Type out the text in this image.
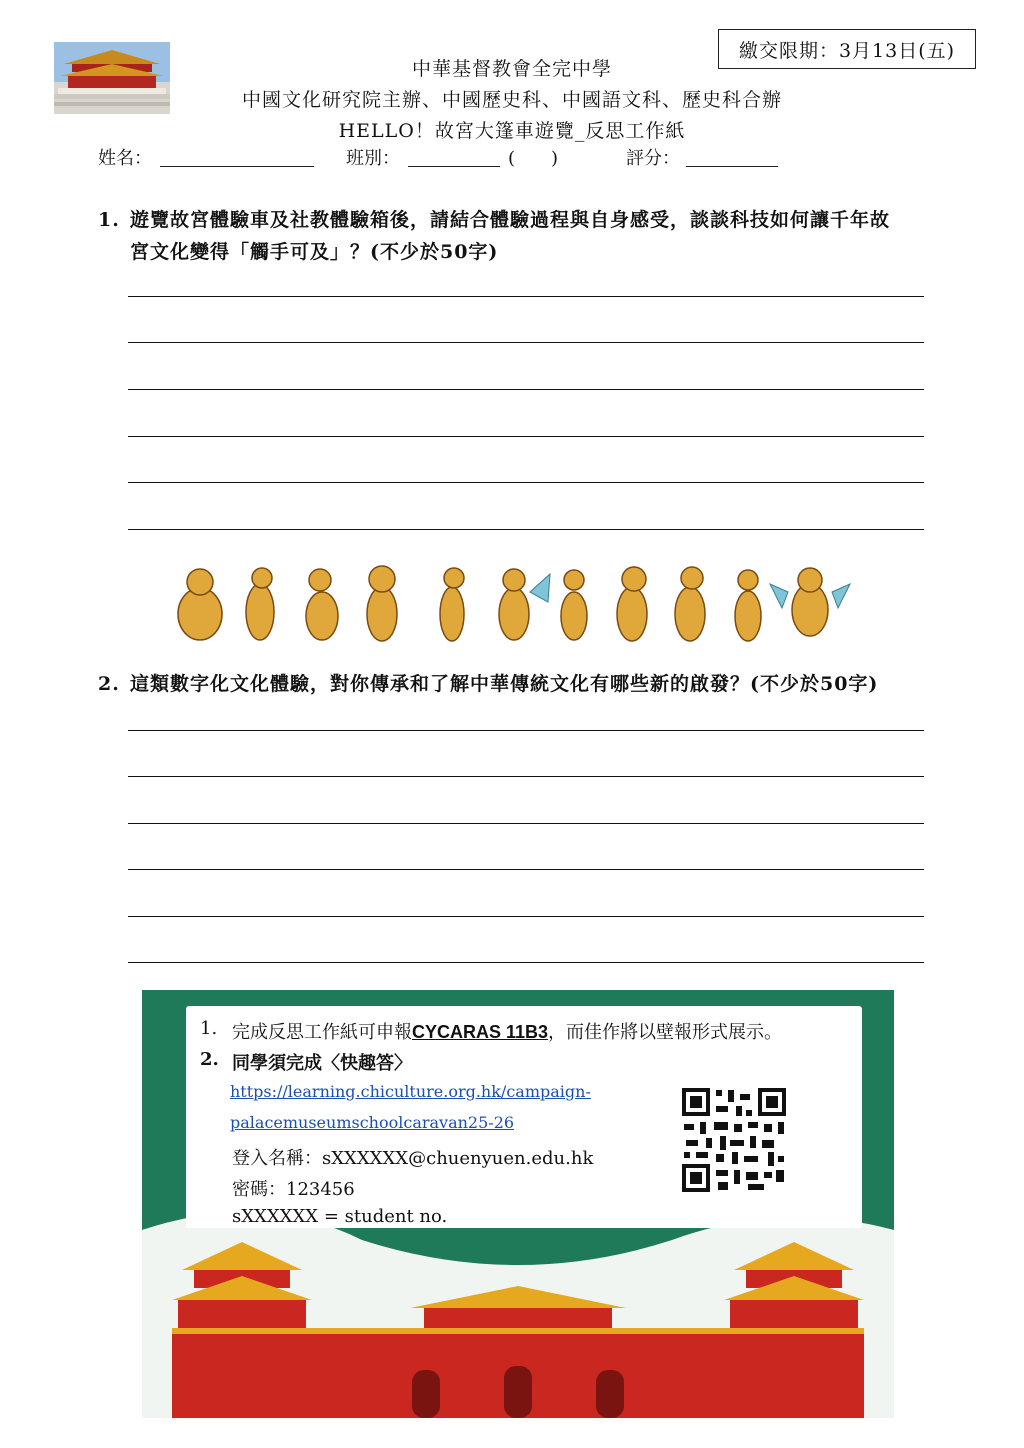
繳交限期：3月13日(五)
中華基督教會全完中學
中國文化研究院主辦、中國歷史科、中國語文科、歷史科合辦
HELLO！故宮大篷車遊覽_反思工作紙
姓名：	班別：	(　　)	評分：
1. 遊覽故宮體驗車及社教體驗箱後，請結合體驗過程與自身感受，談談科技如何讓千年故
宮文化變得「觸手可及」？(不少於50字)
2. 這類數字化文化體驗，對你傳承和了解中華傳統文化有哪些新的啟發？(不少於50字)
1. 完成反思工作紙可申報CYCARAS 11B3，而佳作將以壁報形式展示。
2. 同學須完成〈快趣答〉
https://learning.chiculture.org.hk/campaign-
palacemuseumschoolcaravan25-26
登入名稱：sXXXXXX@chuenyuen.edu.hk
密碼：123456
sXXXXXX = student no.
